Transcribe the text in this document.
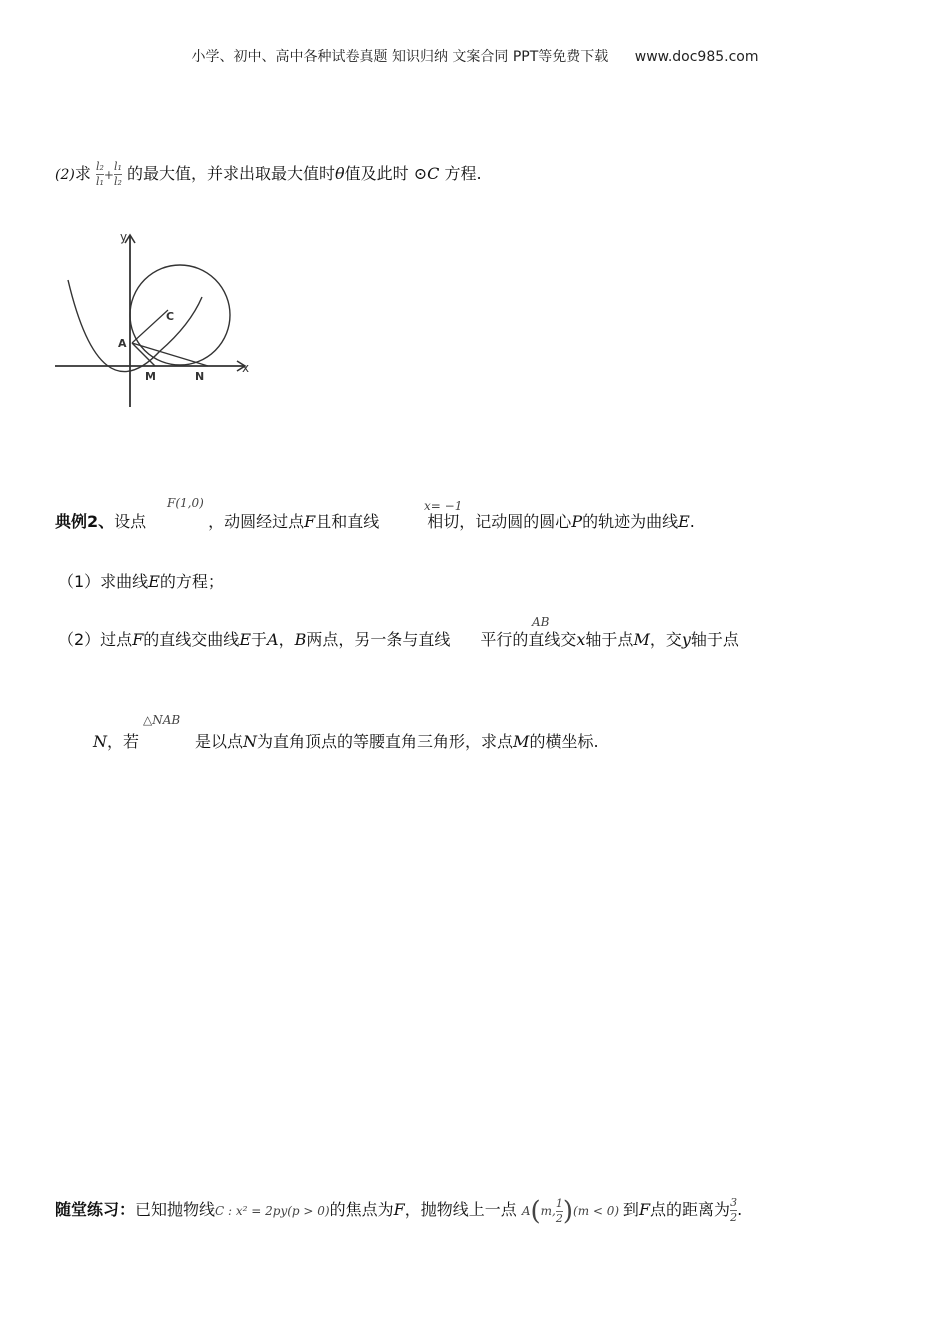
小学、初中、高中各种试卷真题 知识归纳 文案合同 PPT等免费下载 www.doc985.com
(2)求 $\frac{\text{l₂}}{\text{l₁}} + \frac{\text{l₁}}{\text{l₂}}$ 的最大值，并求出取最大值时θ值及此时 ⊙C 方程.
y
x
A
C
M	N
典例2、设点	，动圆经过点F且和直线	相切，记动圆的圆心P的轨迹为曲线E.
F(1,0)	x= −1
（1）求曲线E的方程；
（2）过点F的直线交曲线E于A，B两点，另一条与直线 平行的直线交x轴于点M，交y轴于点
AB
N，若	是以点N为直角顶点的等腰直角三角形，求点M的横坐标.
△NAB
随堂练习：已知抛物线C : x² = 2py(p > 0)的焦点为F，抛物线上一点 A(m, $\frac{1}{2} )(m < 0)$ 到F点的距离为 $\frac{3}{2}$ .
